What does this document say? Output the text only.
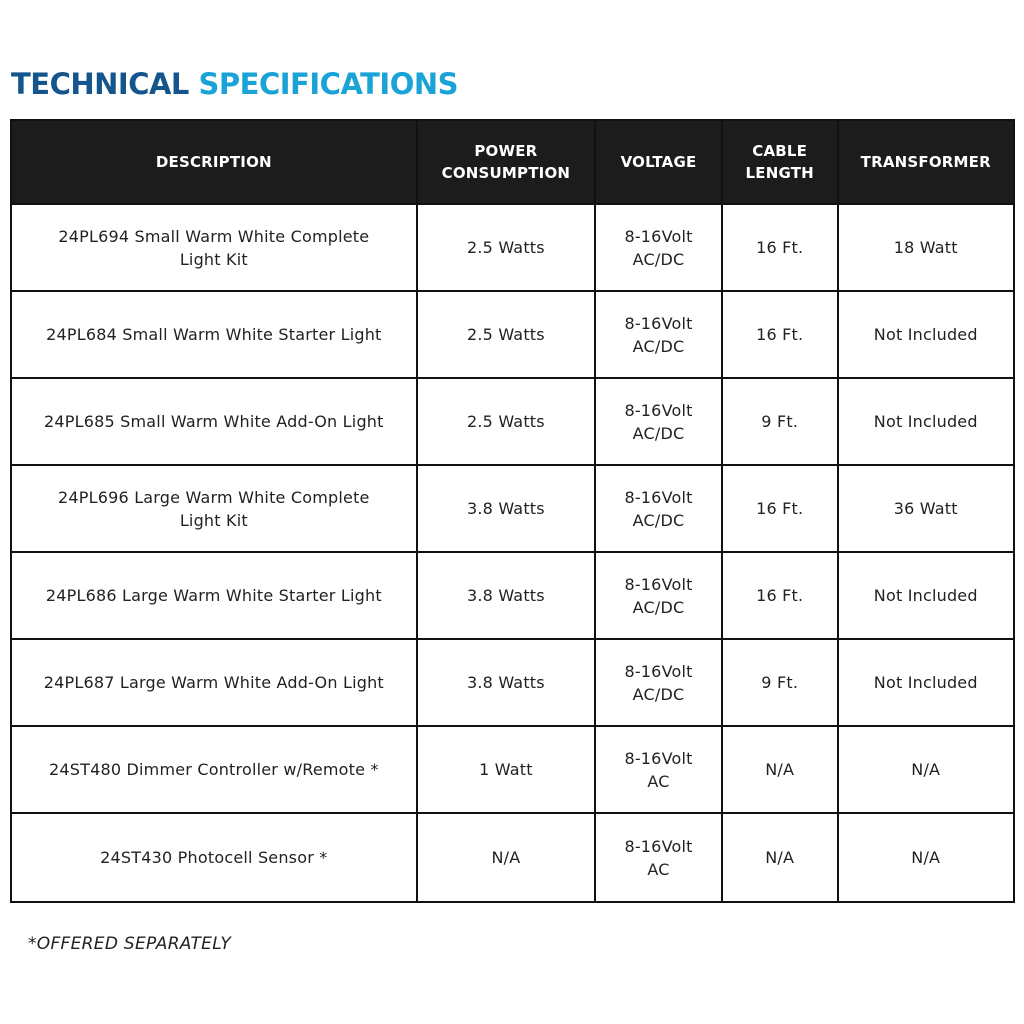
TECHNICAL SPECIFICATIONS
DESCRIPTION	POWER CONSUMPTION	VOLTAGE	CABLE LENGTH	TRANSFORMER
24PL694 Small Warm White Complete Light Kit	2.5 Watts	8-16Volt AC/DC	16 Ft.	18 Watt
24PL684 Small Warm White Starter Light	2.5 Watts	8-16Volt AC/DC	16 Ft.	Not Included
24PL685 Small Warm White Add-On Light	2.5 Watts	8-16Volt AC/DC	9 Ft.	Not Included
24PL696 Large Warm White Complete Light Kit	3.8 Watts	8-16Volt AC/DC	16 Ft.	36 Watt
24PL686 Large Warm White Starter Light	3.8 Watts	8-16Volt AC/DC	16 Ft.	Not Included
24PL687 Large Warm White Add-On Light	3.8 Watts	8-16Volt AC/DC	9 Ft.	Not Included
24ST480 Dimmer Controller w/Remote *	1 Watt	8-16Volt AC	N/A	N/A
24ST430 Photocell Sensor *	N/A	8-16Volt AC	N/A	N/A

*OFFERED SEPARATELY
